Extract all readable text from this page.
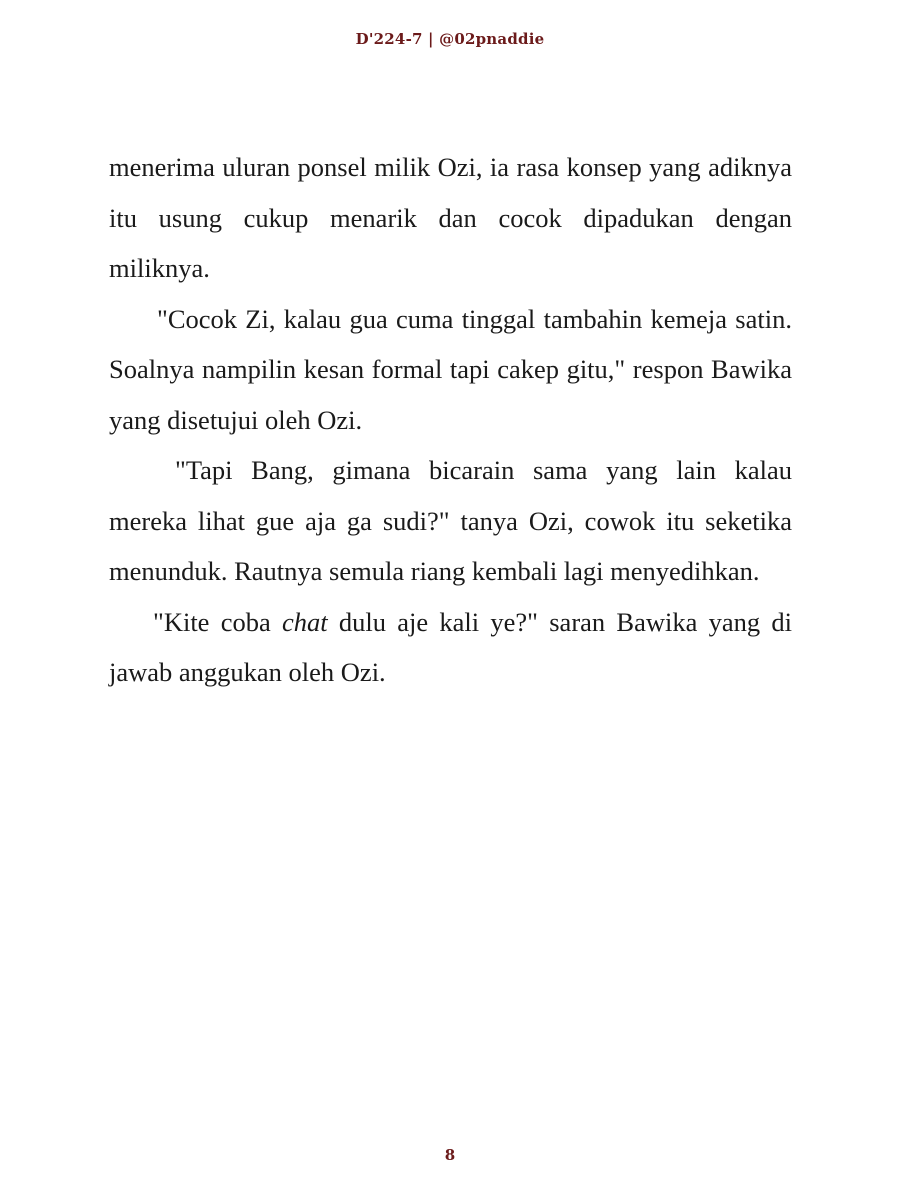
D'224-7 | @02pnaddie

menerima uluran ponsel milik Ozi, ia rasa konsep yang adiknya itu usung cukup menarik dan cocok dipadukan dengan miliknya.

"Cocok Zi, kalau gua cuma tinggal tambahin kemeja satin. Soalnya nampilin kesan formal tapi cakep gitu," respon Bawika yang disetujui oleh Ozi.

"Tapi Bang, gimana bicarain sama yang lain kalau mereka lihat gue aja ga sudi?" tanya Ozi, cowok itu seketika menunduk. Rautnya semula riang kembali lagi menyedihkan.

"Kite coba chat dulu aje kali ye?" saran Bawika yang di jawab anggukan oleh Ozi.

8
